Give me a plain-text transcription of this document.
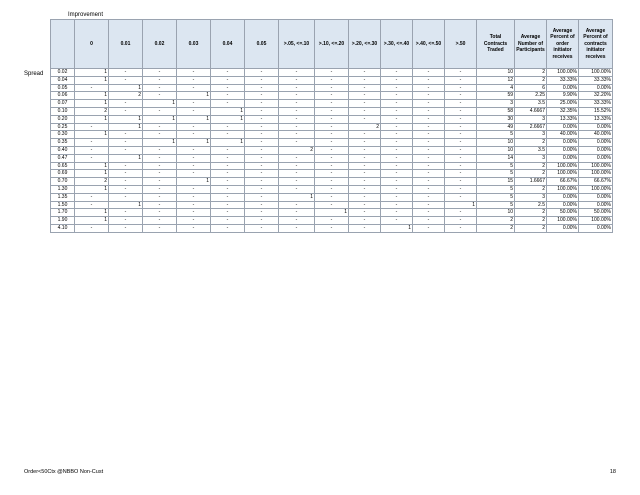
Improvement
Spread
	0	0.01	0.02	0.03	0.04	0.05	>.05, <=.10	>.10, <=.20	>.20, <=.30	>.30, <=.40	>.40, <=.50	>.50	Total Contracts Traded	Average Number of Participants	Average Percent of order initiator receives	Average Percent of contracts initiator receives
0.02	1	-	-	-	-	-	-	-	-	-	-	-	10	2	100.00%	100.00%
0.04	1	-	-	-	-	-	-	-	-	-	-	-	12	2	33.33%	33.33%
0.05	-	1	-	-	-	-	-	-	-	-	-	-	4	6	0.00%	0.00%
0.06	1	2	-	1	-	-	-	-	-	-	-	-	59	2.25	9.90%	32.20%
0.07	1	-	1	-	-	-	-	-	-	-	-	-	3	3.5	25.00%	33.33%
0.10	2	-	-	-	1	-	-	-	-	-	-	-	58	4.6667	32.35%	15.52%
0.20	1	1	1	1	1	-	-	-	-	-	-	-	30	3	13.33%	13.33%
0.25	-	1	-	-	-	-	-	-	2	-	-	-	49	2.6667	0.00%	0.00%
0.30	1	-	-	-	-	-	-	-	-	-	-	-	5	3	40.00%	40.00%
0.35	-	-	1	1	1	-	-	-	-	-	-	-	10	2	0.00%	0.00%
0.40	-	-	-	-	-	-	2	-	-	-	-	-	10	3.5	0.00%	0.00%
0.47	-	1	-	-	-	-	-	-	-	-	-	-	14	3	0.00%	0.00%
0.65	1	-	-	-	-	-	-	-	-	-	-	-	5	2	100.00%	100.00%
0.69	1	-	-	-	-	-	-	-	-	-	-	-	5	2	100.00%	100.00%
0.70	2	-	-	1	-	-	-	-	-	-	-	-	15	1.6667	66.67%	66.67%
1.30	1	-	-	-	-	-	-	-	-	-	-	-	5	2	100.00%	100.00%
1.35	-	-	-	-	-	-	1	-	-	-	-	-	5	3	0.00%	0.00%
1.50	-	1	-	-	-	-	-	-	-	-	-	1	5	2.5	0.00%	0.00%
1.70	1	-	-	-	-	-	-	1	-	-	-	-	10	2	50.00%	50.00%
1.90	1	-	-	-	-	-	-	-	-	-	-	-	2	2	100.00%	100.00%
4.10	-	-	-	-	-	-	-	-	-	1	-	-	2	2	0.00%	0.00%
Order<50Ctx @NBBO Non-Cust	18
